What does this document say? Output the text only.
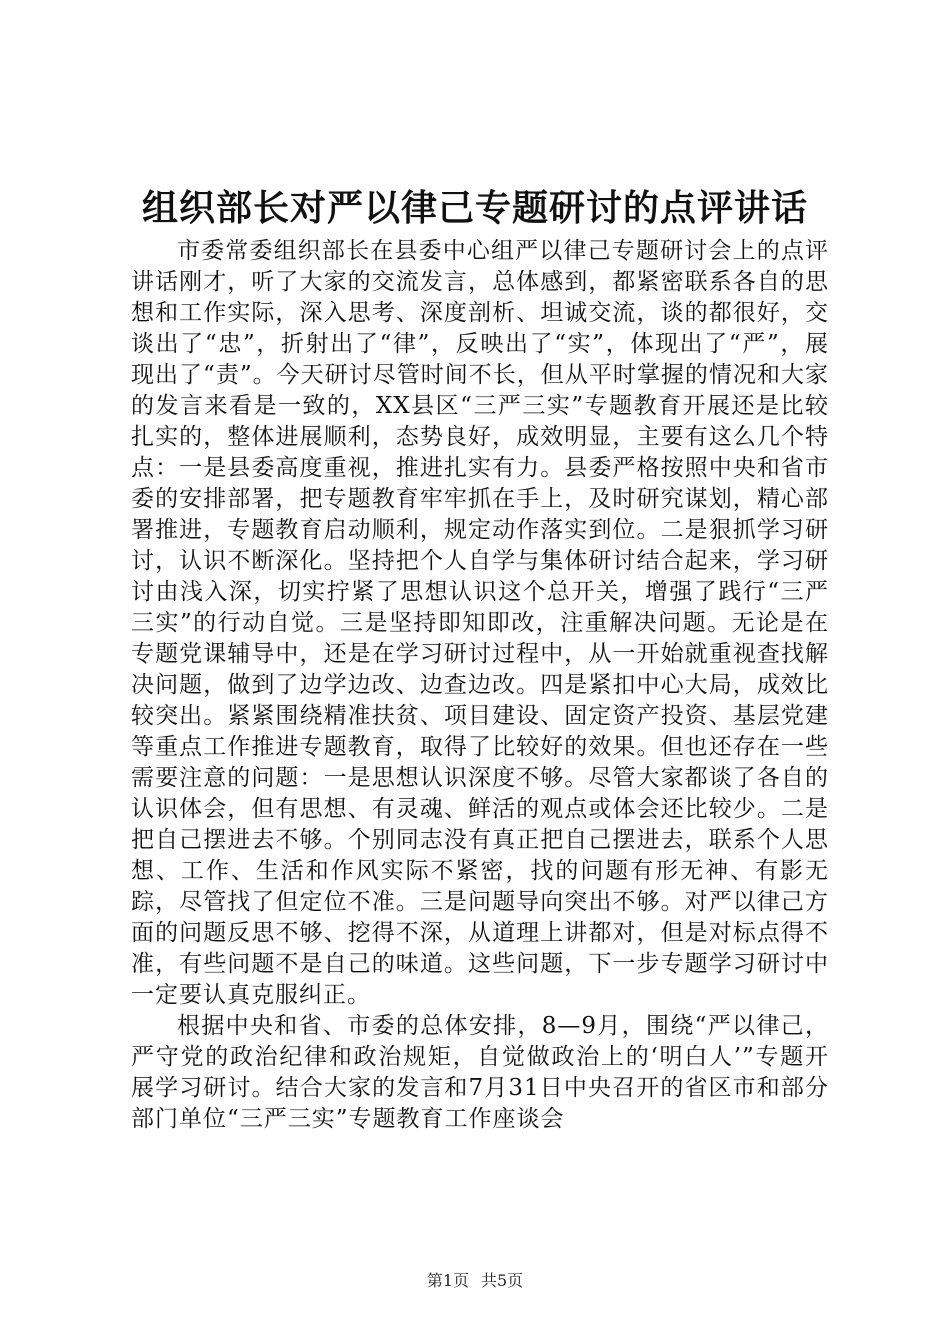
组织部长对严以律己专题研讨的点评讲话

市委常委组织部长在县委中心组严以律己专题研讨会上的点评讲话刚才，听了大家的交流发言，总体感到，都紧密联系各自的思想和工作实际，深入思考、深度剖析、坦诚交流，谈的都很好，交谈出了“忠”，折射出了“律”，反映出了“实”，体现出了“严”，展现出了“责”。今天研讨尽管时间不长，但从平时掌握的情况和大家的发言来看是一致的，XX县区“三严三实”专题教育开展还是比较扎实的，整体进展顺利，态势良好，成效明显，主要有这么几个特点：一是县委高度重视，推进扎实有力。县委严格按照中央和省市委的安排部署，把专题教育牢牢抓在手上，及时研究谋划，精心部署推进，专题教育启动顺利，规定动作落实到位。二是狠抓学习研讨，认识不断深化。坚持把个人自学与集体研讨结合起来，学习研讨由浅入深，切实拧紧了思想认识这个总开关，增强了践行“三严三实”的行动自觉。三是坚持即知即改，注重解决问题。无论是在专题党课辅导中，还是在学习研讨过程中，从一开始就重视查找解决问题，做到了边学边改、边查边改。四是紧扣中心大局，成效比较突出。紧紧围绕精准扶贫、项目建设、固定资产投资、基层党建等重点工作推进专题教育，取得了比较好的效果。但也还存在一些需要注意的问题：一是思想认识深度不够。尽管大家都谈了各自的认识体会，但有思想、有灵魂、鲜活的观点或体会还比较少。二是把自己摆进去不够。个别同志没有真正把自己摆进去，联系个人思想、工作、生活和作风实际不紧密，找的问题有形无神、有影无踪，尽管找了但定位不准。三是问题导向突出不够。对严以律己方面的问题反思不够、挖得不深，从道理上讲都对，但是对标点得不准，有些问题不是自己的味道。这些问题，下一步专题学习研讨中一定要认真克服纠正。

根据中央和省、市委的总体安排，8—9月，围绕“严以律己，严守党的政治纪律和政治规矩，自觉做政治上的‘明白人’”专题开展学习研讨。结合大家的发言和7月31日中央召开的省区市和部分部门单位“三严三实”专题教育工作座谈会

第1页 共5页
